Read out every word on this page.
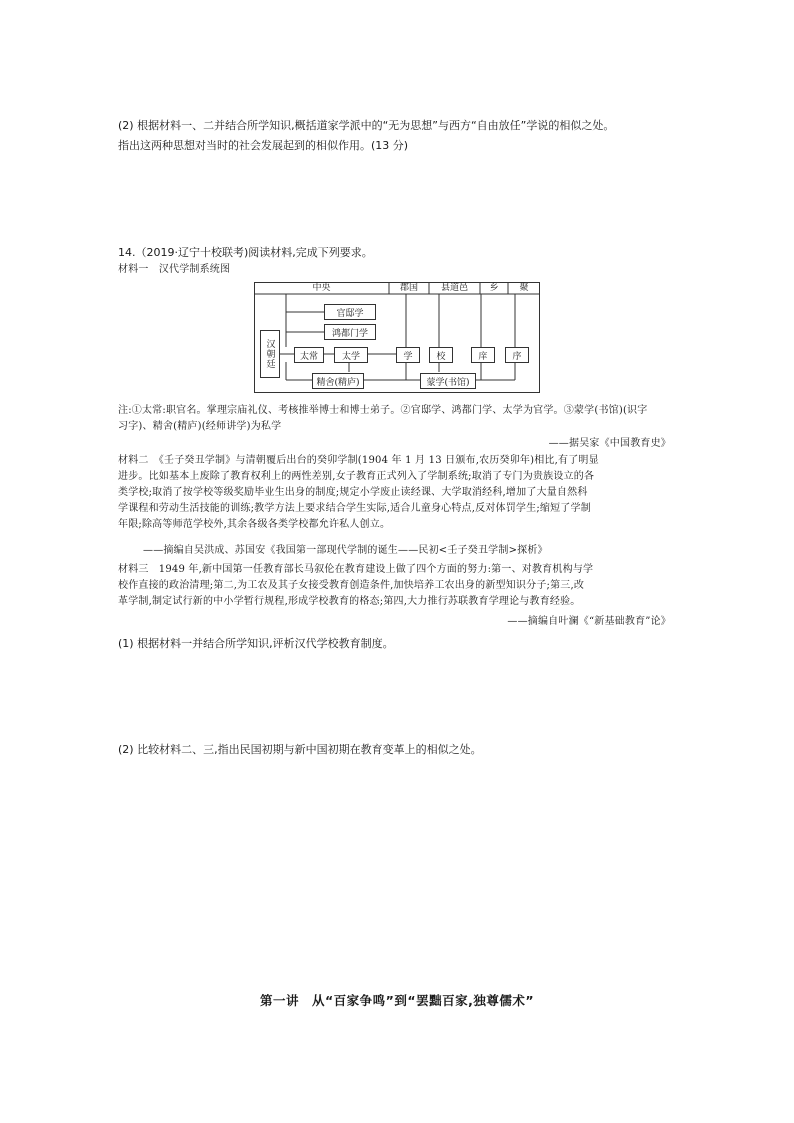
(2) 根据材料一、二并结合所学知识,概括道家学派中的“无为思想”与西方“自由放任”学说的相似之处。
指出这两种思想对当时的社会发展起到的相似作用。(13 分)
14.（2019·辽宁十校联考)阅读材料,完成下列要求。
材料一　汉代学制系统图
中央	郡国	县道邑	乡	聚
官邸学
鸿都门学
汉朝廷	太常	太学	学	校	庠	序
精舍(精庐)	蒙学(书馆)
注:①太常:职官名。掌理宗庙礼仪、考核推举博士和博士弟子。②官邸学、鸿都门学、太学为官学。③蒙学(书馆)(识字
习字)、精舍(精庐)(经师讲学)为私学
——据吴家《中国教育史》
材料二　《壬子癸丑学制》与清朝覆后出台的癸卯学制(1904 年 1 月 13 日颁布,农历癸卯年)相比,有了明显
进步。比如基本上废除了教育权利上的两性差别,女子教育正式列入了学制系统;取消了专门为贵族设立的各
类学校;取消了按学校等级奖励毕业生出身的制度;规定小学废止读经课、大学取消经科,增加了大量自然科
学课程和劳动生活技能的训练;教学方法上要求结合学生实际,适合儿童身心特点,反对体罚学生;缩短了学制
年限;除高等师范学校外,其余各级各类学校都允许私人创立。
——摘编自吴洪成、苏国安《我国第一部现代学制的诞生——民初<壬子癸丑学制>探析》
材料三　1949 年,新中国第一任教育部长马叙伦在教育建设上做了四个方面的努力:第一、对教育机构与学
校作直接的政治清理;第二,为工农及其子女接受教育创造条件,加快培养工农出身的新型知识分子;第三,改
革学制,制定试行新的中小学暂行规程,形成学校教育的格态;第四,大力推行苏联教育学理论与教育经验。
——摘编自叶澜《“新基础教育”论》
(1) 根据材料一并结合所学知识,评析汉代学校教育制度。
(2) 比较材料二、三,指出民国初期与新中国初期在教育变革上的相似之处。
第一讲　从“百家争鸣”到“罢黜百家,独尊儒术”
